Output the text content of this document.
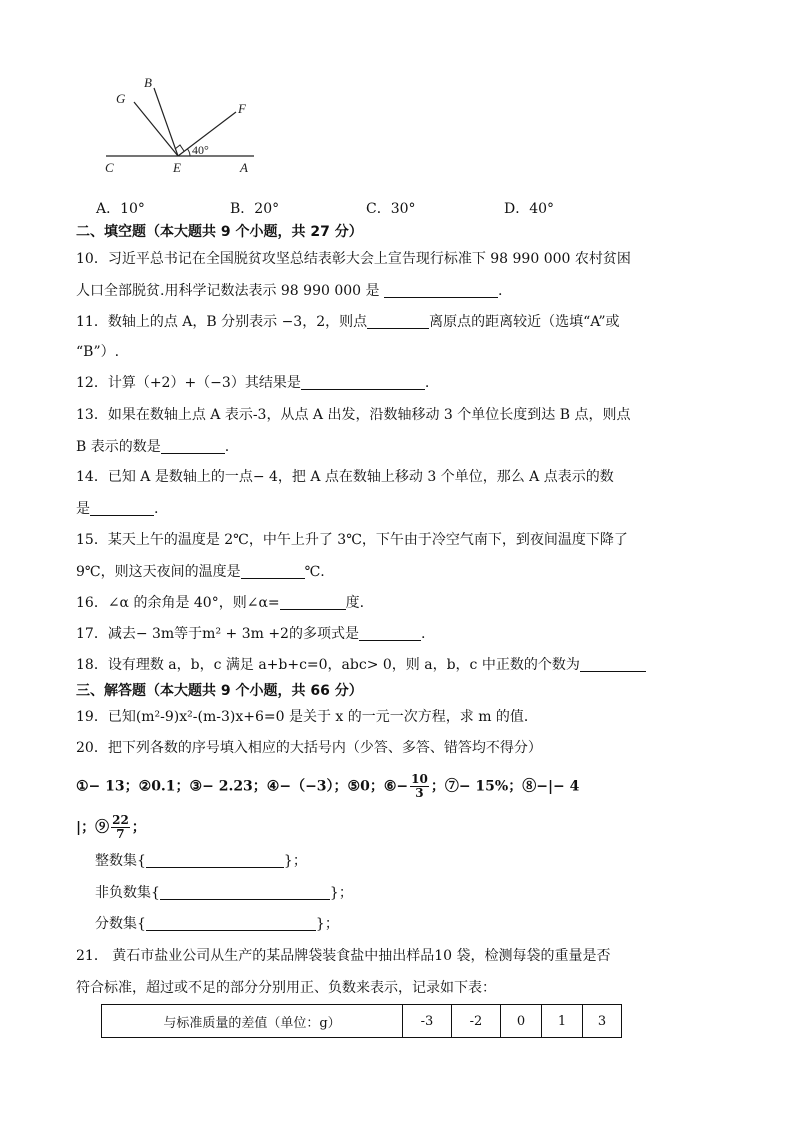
G
B
F
C	E	A
40°
A．10°	B．20°	C．30°	D．40°
二、填空题（本大题共 9 个小题，共 27 分）
10．习近平总书记在全国脱贫攻坚总结表彰大会上宣告现行标准下 98 990 000 农村贫困
人口全部脱贫.用科学记数法表示 98 990 000 是	.
11．数轴上的点 A，B 分别表示 −3，2，则点	离原点的距离较近（选填“A”或
“B”）.
12．计算（+2）+（−3）其结果是	.
13．如果在数轴上点 A 表示-3，从点 A 出发，沿数轴移动 3 个单位长度到达 B 点，则点
B 表示的数是	.
14．已知 A 是数轴上的一点− 4，把 A 点在数轴上移动 3 个单位，那么 A 点表示的数
是	.
15．某天上午的温度是 2℃，中午上升了 3℃，下午由于冷空气南下，到夜间温度下降了
9℃，则这天夜间的温度是	℃.
16．∠α 的余角是 40°，则∠α=	度.
17．减去− 3m等于m² + 3m +2的多项式是	.
18．设有理数 a，b，c 满足 a+b+c=0，abc> 0，则 a，b，c 中正数的个数为
三、解答题（本大题共 9 个小题，共 66 分）
19．已知(m²-9)x²-(m-3)x+6=0 是关于 x 的一元一次方程，求 m 的值．
20．把下列各数的序号填入相应的大括号内（少答、多答、错答均不得分）
①− 13；②0.1；③− 2.23；④−（−3）；⑤0；⑥− $\frac{10}{3}$ ；⑦− 15%；⑧−|− 4
|；⑨ $\frac{22}{7}$ ；
整数集{	}；
非负数集{	}；
分数集{	}；
21． 黄石市盐业公司从生产的某品牌袋装食盐中抽出样品10 袋，检测每袋的重量是否
符合标准，超过或不足的部分分别用正、负数来表示，记录如下表：
与标准质量的差值（单位：g）	-3	-2	0	1	3
